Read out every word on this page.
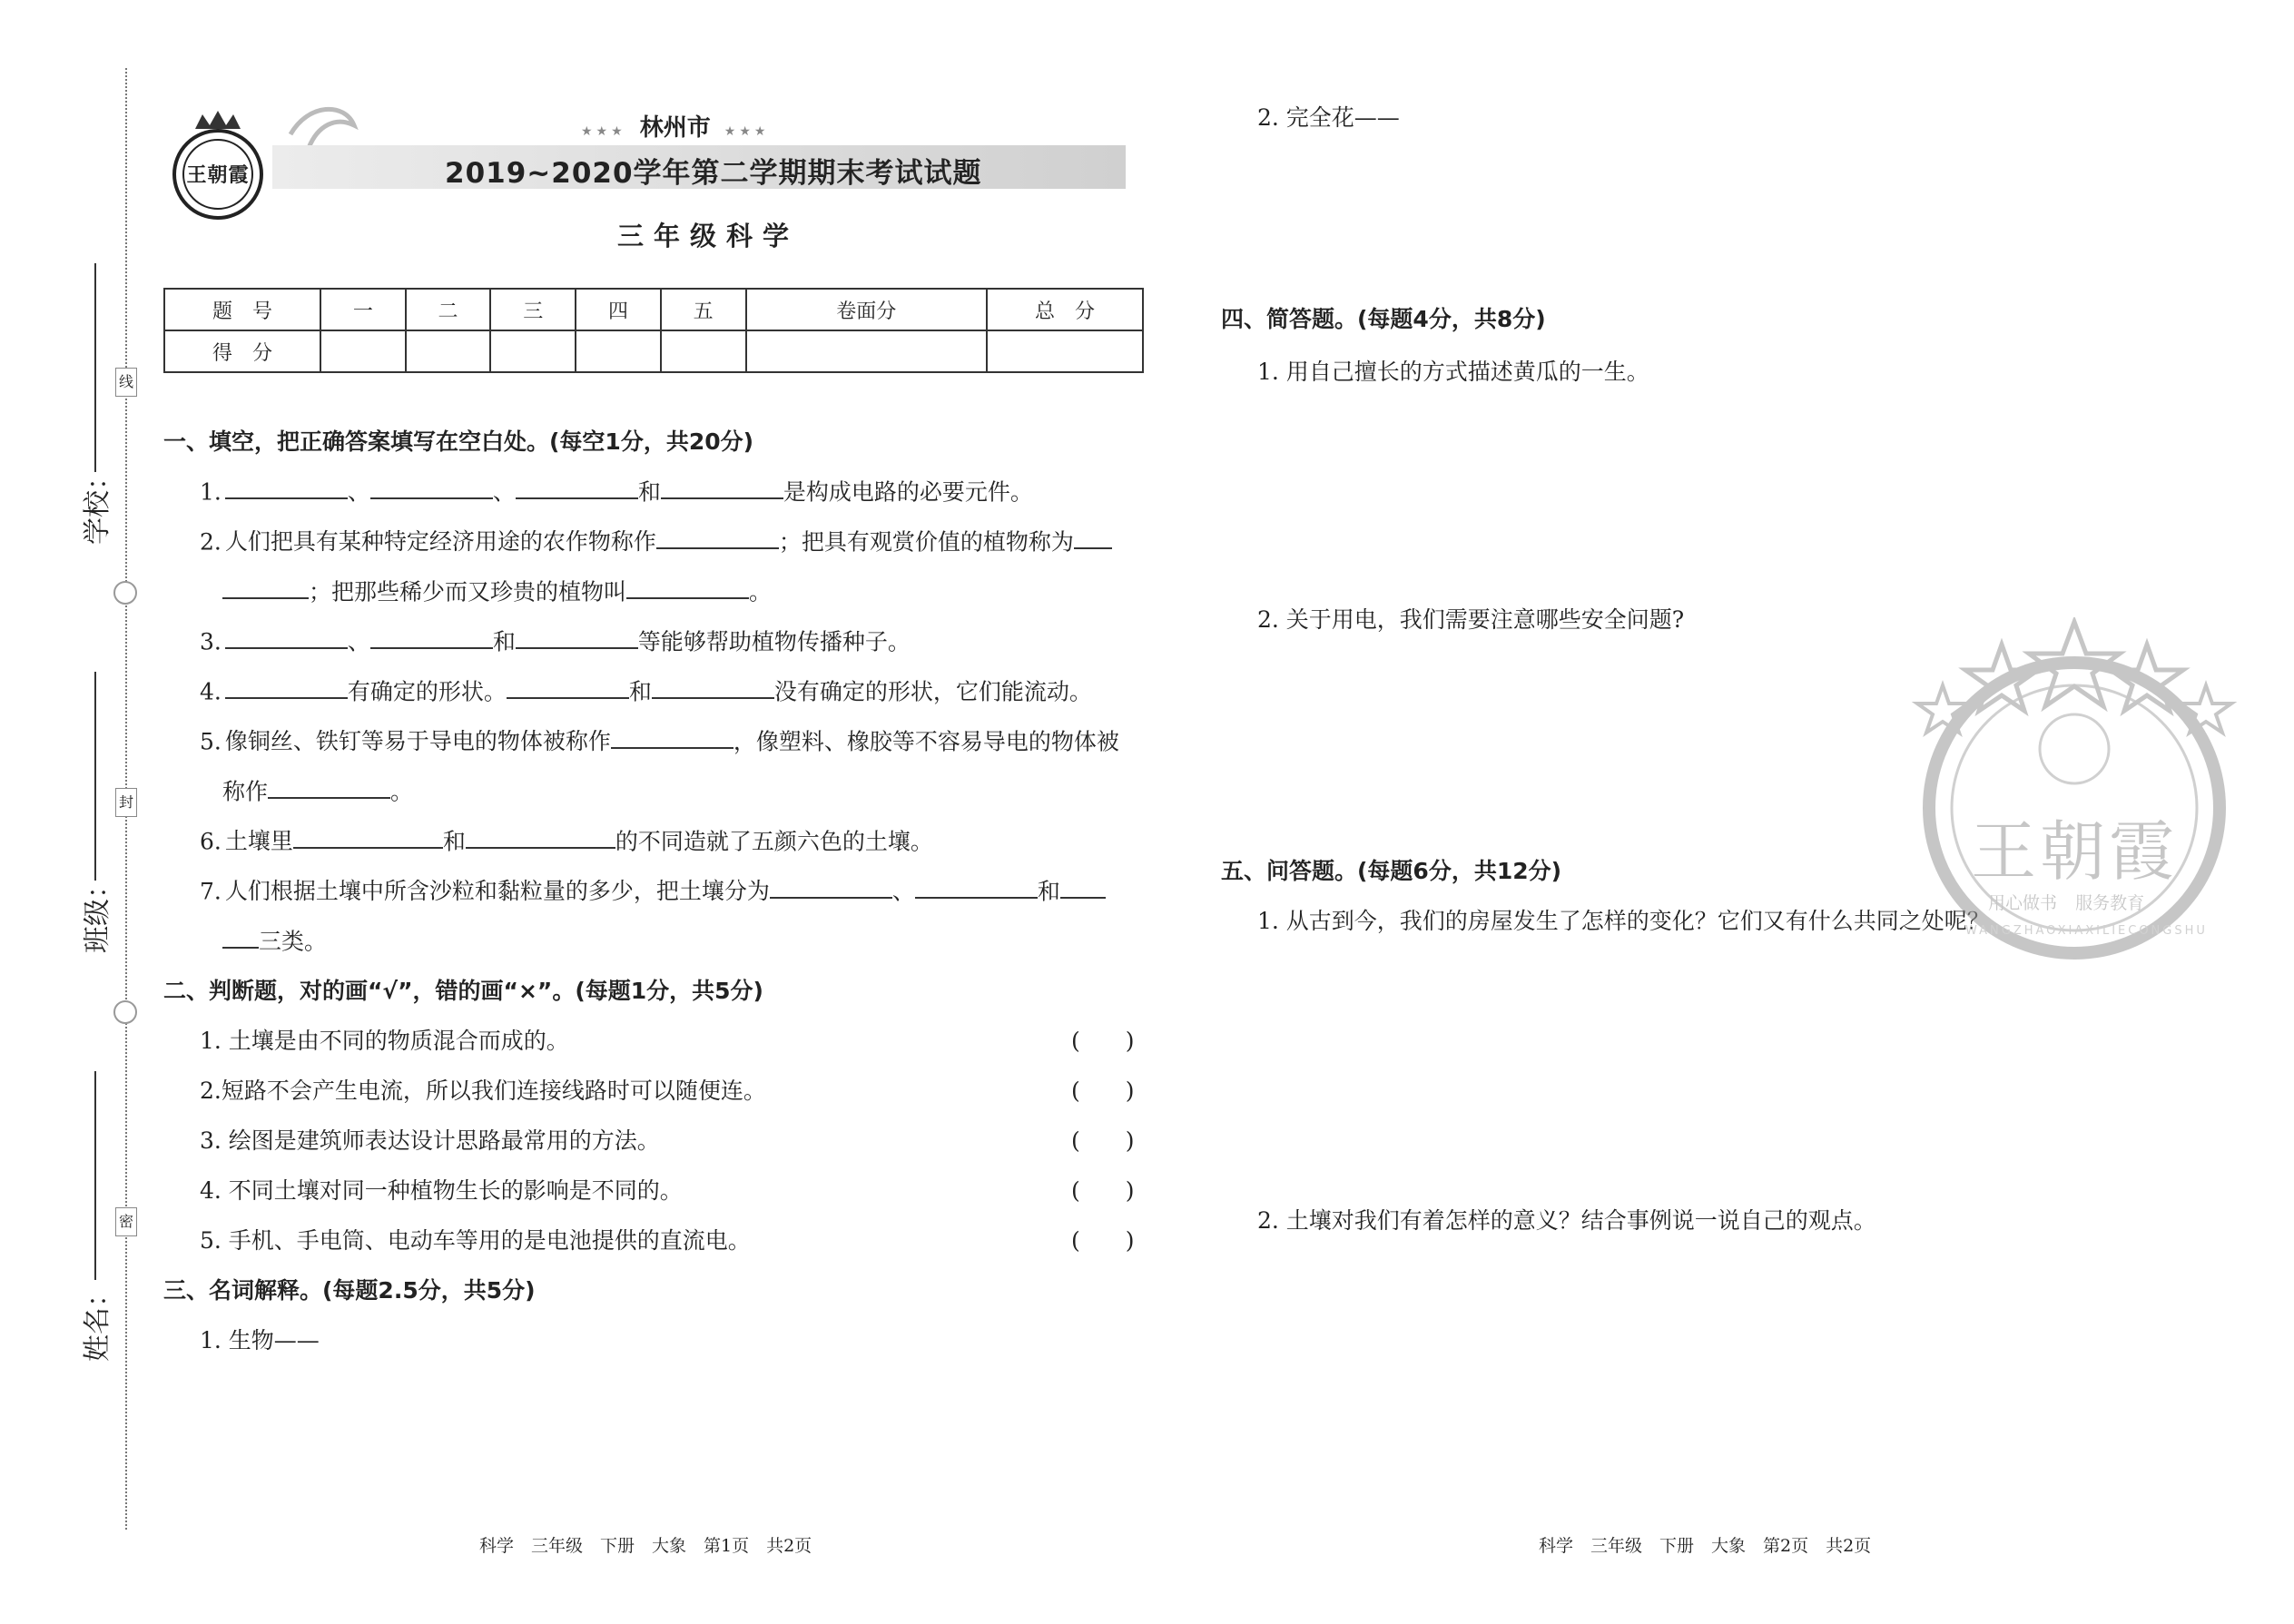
学校：
班级：
姓名：
线
封
密
王朝霞
★★★ 林州市 ★★★
2019~2020学年第二学期期末考试试题
三年级科学
题　号	一	二	三	四	五	卷面分	总　分
得　分							
一、填空，把正确答案填写在空白处。(每空1分，共20分)
1.	、	、	和	是构成电路的必要元件。
2. 人们把具有某种特定经济用途的农作物称作	；把具有观赏价值的植物称为
；把那些稀少而又珍贵的植物叫	。
3.	、	和	等能够帮助植物传播种子。
4.	有确定的形状。	和	没有确定的形状，它们能流动。
5. 像铜丝、铁钉等易于导电的物体被称作	，像塑料、橡胶等不容易导电的物体被
称作	。
6. 土壤里	和	的不同造就了五颜六色的土壤。
7. 人们根据土壤中所含沙粒和黏粒量的多少，把土壤分为	、	和
三类。
二、判断题，对的画“√”，错的画“×”。(每题1分，共5分)
1. 土壤是由不同的物质混合而成的。	(　　)
2.短路不会产生电流，所以我们连接线路时可以随便连。	(　　)
3. 绘图是建筑师表达设计思路最常用的方法。	(　　)
4. 不同土壤对同一种植物生长的影响是不同的。	(　　)
5. 手机、手电筒、电动车等用的是电池提供的直流电。	(　　)
三、名词解释。(每题2.5分，共5分)
1. 生物——
2. 完全花——
四、简答题。(每题4分，共8分)
1. 用自己擅长的方式描述黄瓜的一生。
2. 关于用电，我们需要注意哪些安全问题?
五、问答题。(每题6分，共12分)
1. 从古到今，我们的房屋发生了怎样的变化？它们又有什么共同之处呢？
2. 土壤对我们有着怎样的意义？结合事例说一说自己的观点。
王朝霞
用心做书 服务教育
WANGZHAOXIAXILIECONGSHU
科学　三年级　下册　大象　第1页　共2页	科学　三年级　下册　大象　第2页　共2页
